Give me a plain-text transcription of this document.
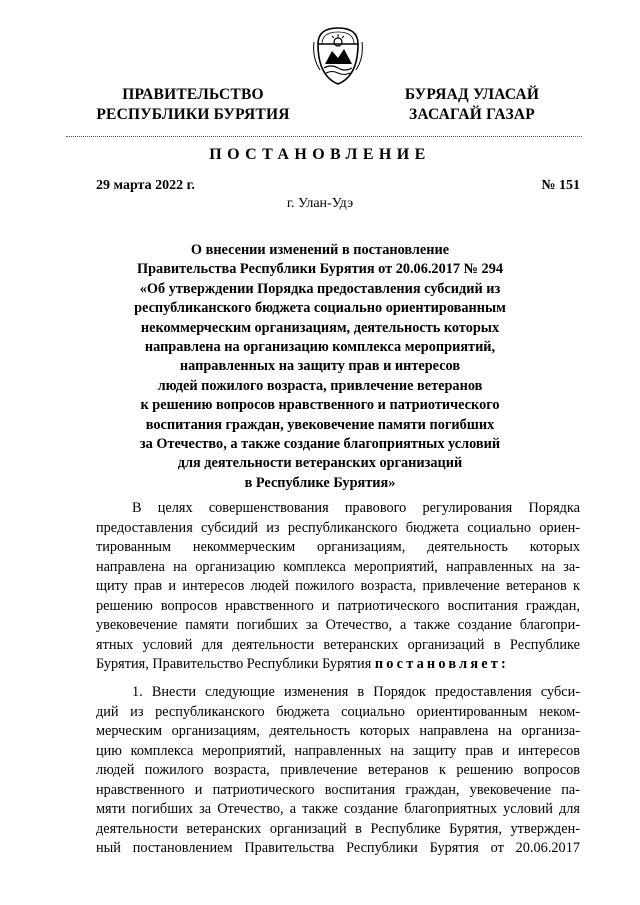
ПРАВИТЕЛЬСТВО
РЕСПУБЛИКИ БУРЯТИЯ
БУРЯАД УЛАСАЙ
ЗАСАГАЙ ГАЗАР
ПОСТАНОВЛЕНИЕ
29 марта 2022 г.	№ 151
г. Улан-Удэ
О внесении изменений в постановление
Правительства Республики Бурятия от 20.06.2017 № 294
«Об утверждении Порядка предоставления субсидий из
республиканского бюджета социально ориентированным
некоммерческим организациям, деятельность которых
направлена на организацию комплекса мероприятий,
направленных на защиту прав и интересов
людей пожилого возраста, привлечение ветеранов
к решению вопросов нравственного и патриотического
воспитания граждан, увековечение памяти погибших
за Отечество, а также создание благоприятных условий
для деятельности ветеранских организаций
в Республике Бурятия»
В целях совершенствования правового регулирования Порядка
предоставления субсидий из республиканского бюджета социально ориен-
тированным некоммерческим организациям, деятельность которых
направлена на организацию комплекса мероприятий, направленных на за-
щиту прав и интересов людей пожилого возраста, привлечение ветеранов к
решению вопросов нравственного и патриотического воспитания граждан,
увековечение памяти погибших за Отечество, а также создание благопри-
ятных условий для деятельности ветеранских организаций в Республике
Бурятия, Правительство Республики Бурятия постановляет:
1. Внести следующие изменения в Порядок предоставления субси-
дий из республиканского бюджета социально ориентированным неком-
мерческим организациям, деятельность которых направлена на организа-
цию комплекса мероприятий, направленных на защиту прав и интересов
людей пожилого возраста, привлечение ветеранов к решению вопросов
нравственного и патриотического воспитания граждан, увековечение па-
мяти погибших за Отечество, а также создание благоприятных условий для
деятельности ветеранских организаций в Республике Бурятия, утвержден-
ный постановлением Правительства Республики Бурятия от 20.06.2017
